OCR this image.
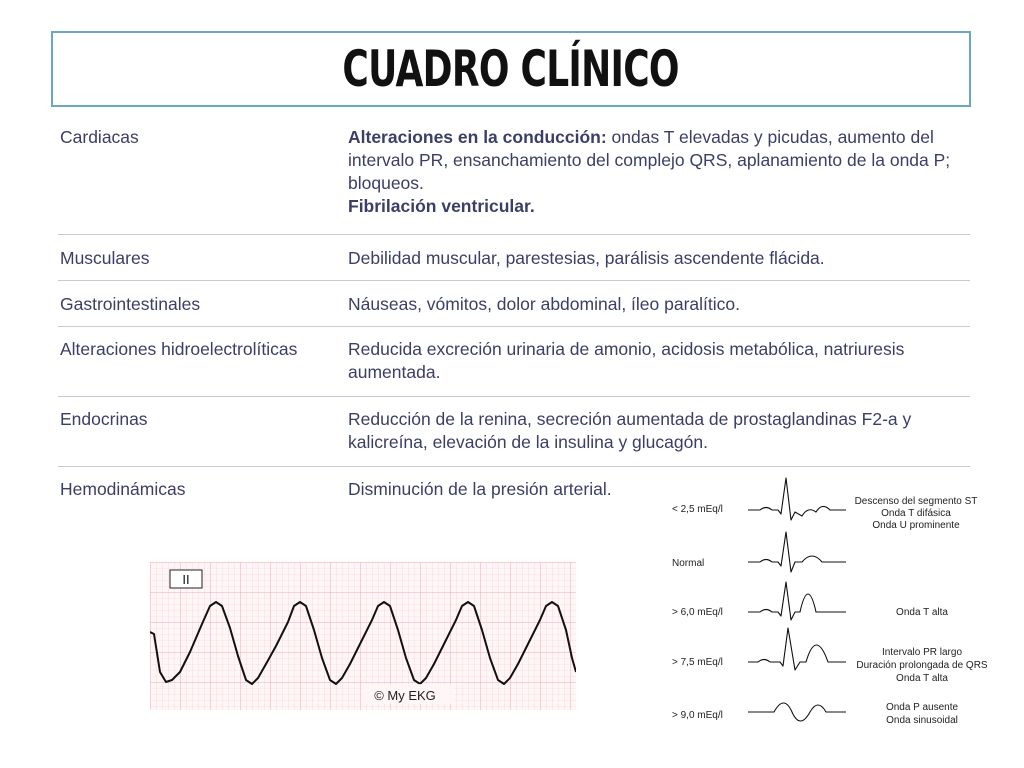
CUADRO CLÍNICO
Cardiacas	Alteraciones en la conducción: ondas T elevadas y picudas, aumento del intervalo PR, ensanchamiento del complejo QRS, aplanamiento de la onda P; bloqueos.
Fibrilación ventricular.
Musculares	Debilidad muscular, parestesias, parálisis ascendente flácida.
Gastrointestinales	Náuseas, vómitos, dolor abdominal, íleo paralítico.
Alteraciones hidroelectrolíticas	Reducida excreción urinaria de amonio, acidosis metabólica, natriuresis aumentada.
Endocrinas	Reducción de la renina, secreción aumentada de prostaglandinas F2-a y kalicreína, elevación de la insulina y glucagón.
Hemodinámicas	Disminución de la presión arterial.
II
© My EKG
< 2,5 mEq/l
Normal
> 6,0 mEq/l
> 7,5 mEq/l
> 9,0 mEq/l
Descenso del segmento ST
Onda T difásica
Onda U prominente
Onda T alta
Intervalo PR largo
Duración prolongada de QRS
Onda T alta
Onda P ausente
Onda sinusoidal
